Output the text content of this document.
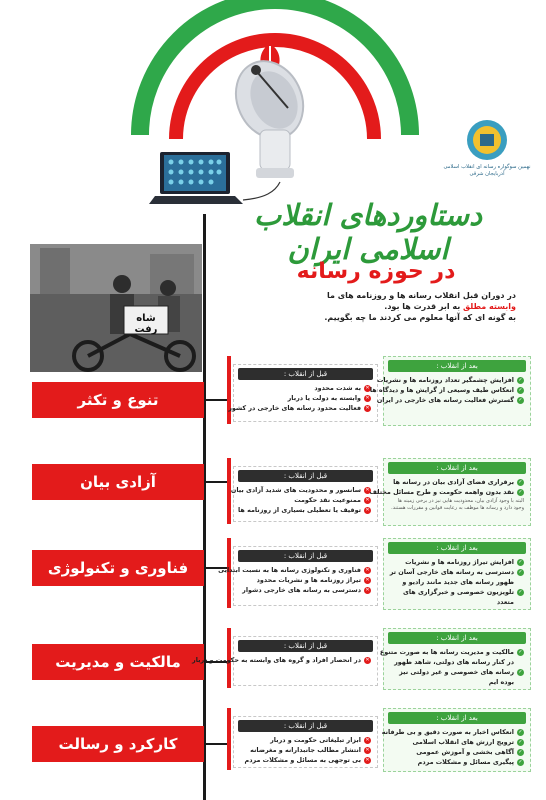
نهمین سوگواره رسانه ای انقلاب اسلامی
آذربایجان شرقی
دستاوردهای انقلاب اسلامی ایران
در حوزه رسانه
در دوران قبل انقلاب رسانه ها و روزنامه های ما
وابسته مطلق به ابر قدرت ها بود.
به گونه ای که آنها معلوم می کردند ما چه بگوییم.
شاه رفت
تنوع و تکثر
قبل از انقلاب :
✕
به شدت محدود
✕
وابسته به دولت یا دربار
✕
فعالیت محدود رسانه های خارجی در کشور
بعد از انقلاب :
✓
افزایش چشمگیر تعداد روزنامه ها و نشریات
✓
انعکاس طیف وسیعی از گرایش ها و دیدگاه ها
✓
گسترش فعالیت رسانه های خارجی در ایران
آزادی بیان	قبل از انقلاب :
✕
سانسور و محدودیت های شدید آزادی بیان
✕
ممنوعیت نقد حکومت
✕
توقیف یا تعطیلی بسیاری از روزنامه ها
بعد از انقلاب :
✓
برقراری فضای آزادی بیان در رسانه ها
✓
نقد بدون واهمه حکومت و طرح مسائل مختلف
البته با وجود آزادی بیان، محدودیت هایی نیز در برخی زمینه ها وجود دارد و رسانه ها موظف به رعایت قوانین و مقررات هستند.
فناوری و تکنولوژی
قبل از انقلاب :
✕
فناوری و تکنولوژی رسانه ها به نسبت ابتدایی
✕
تیراژ روزنامه ها و نشریات محدود
✕
دسترسی به رسانه های خارجی دشوار
بعد از انقلاب :
✓
افزایش تیراژ روزنامه ها و نشریات
✓
دسترسی به رسانه های خارجی آسان تر
✓
ظهور رسانه های جدید مانند رادیو و تلویزیون خصوصی و خبرگزاری های متعدد
مالکیت و مدیریت
قبل از انقلاب :
✕
در انحصار افراد و گروه های وابسته به حکومت و دربار
بعد از انقلاب :
✓
مالکیت و مدیریت رسانه ها به صورت متنوع
✓
در کنار رسانه های دولتی، شاهد ظهور رسانه های خصوصی و غیر دولتی نیز بوده ایم
کارکرد و رسالت
قبل از انقلاب :
✕
ابزار تبلیغاتی حکومت و دربار
✕
انتشار مطالب جانبدارانه و مغرضانه
✕
بی توجهی به مسائل و مشکلات مردم
بعد از انقلاب :
✓
انعکاس اخبار به صورت دقیق و بی طرفانه
✓
ترویج ارزش های انقلاب اسلامی
✓
آگاهی بخشی و آموزش عمومی
✓
پیگیری مسائل و مشکلات مردم
